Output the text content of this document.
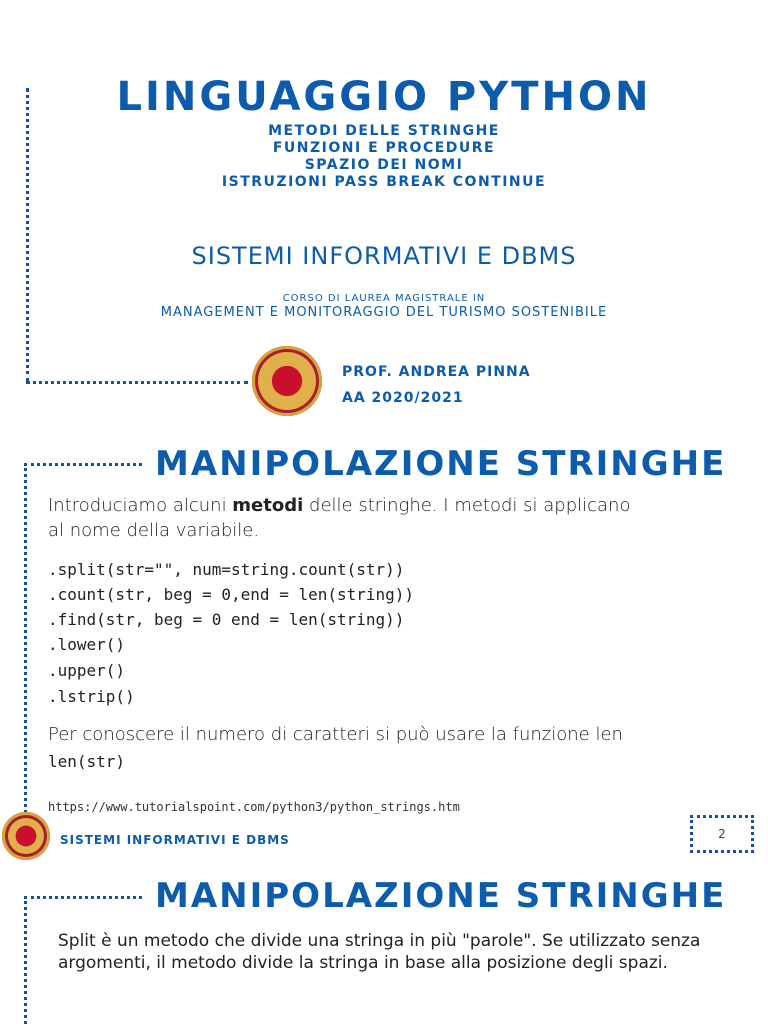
LINGUAGGIO PYTHON
METODI DELLE STRINGHE
FUNZIONI E PROCEDURE
SPAZIO DEI NOMI
ISTRUZIONI PASS BREAK CONTINUE
SISTEMI INFORMATIVI E DBMS
CORSO DI LAUREA MAGISTRALE IN
MANAGEMENT E MONITORAGGIO DEL TURISMO SOSTENIBILE
PROF. ANDREA PINNA
AA 2020/2021
MANIPOLAZIONE STRINGHE
Introduciamo alcuni metodi delle stringhe. I metodi si applicano
al nome della variabile.
.split(str="", num=string.count(str))
.count(str, beg = 0,end = len(string))
.find(str, beg = 0 end = len(string))
.lower()
.upper()
.lstrip()
Per conoscere il numero di caratteri si può usare la funzione len
len(str)
https://www.tutorialspoint.com/python3/python_strings.htm
SISTEMI INFORMATIVI E DBMS	2
MANIPOLAZIONE STRINGHE
Split è un metodo che divide una stringa in più "parole". Se utilizzato senza argomenti, il metodo divide la stringa in base alla posizione degli spazi.
